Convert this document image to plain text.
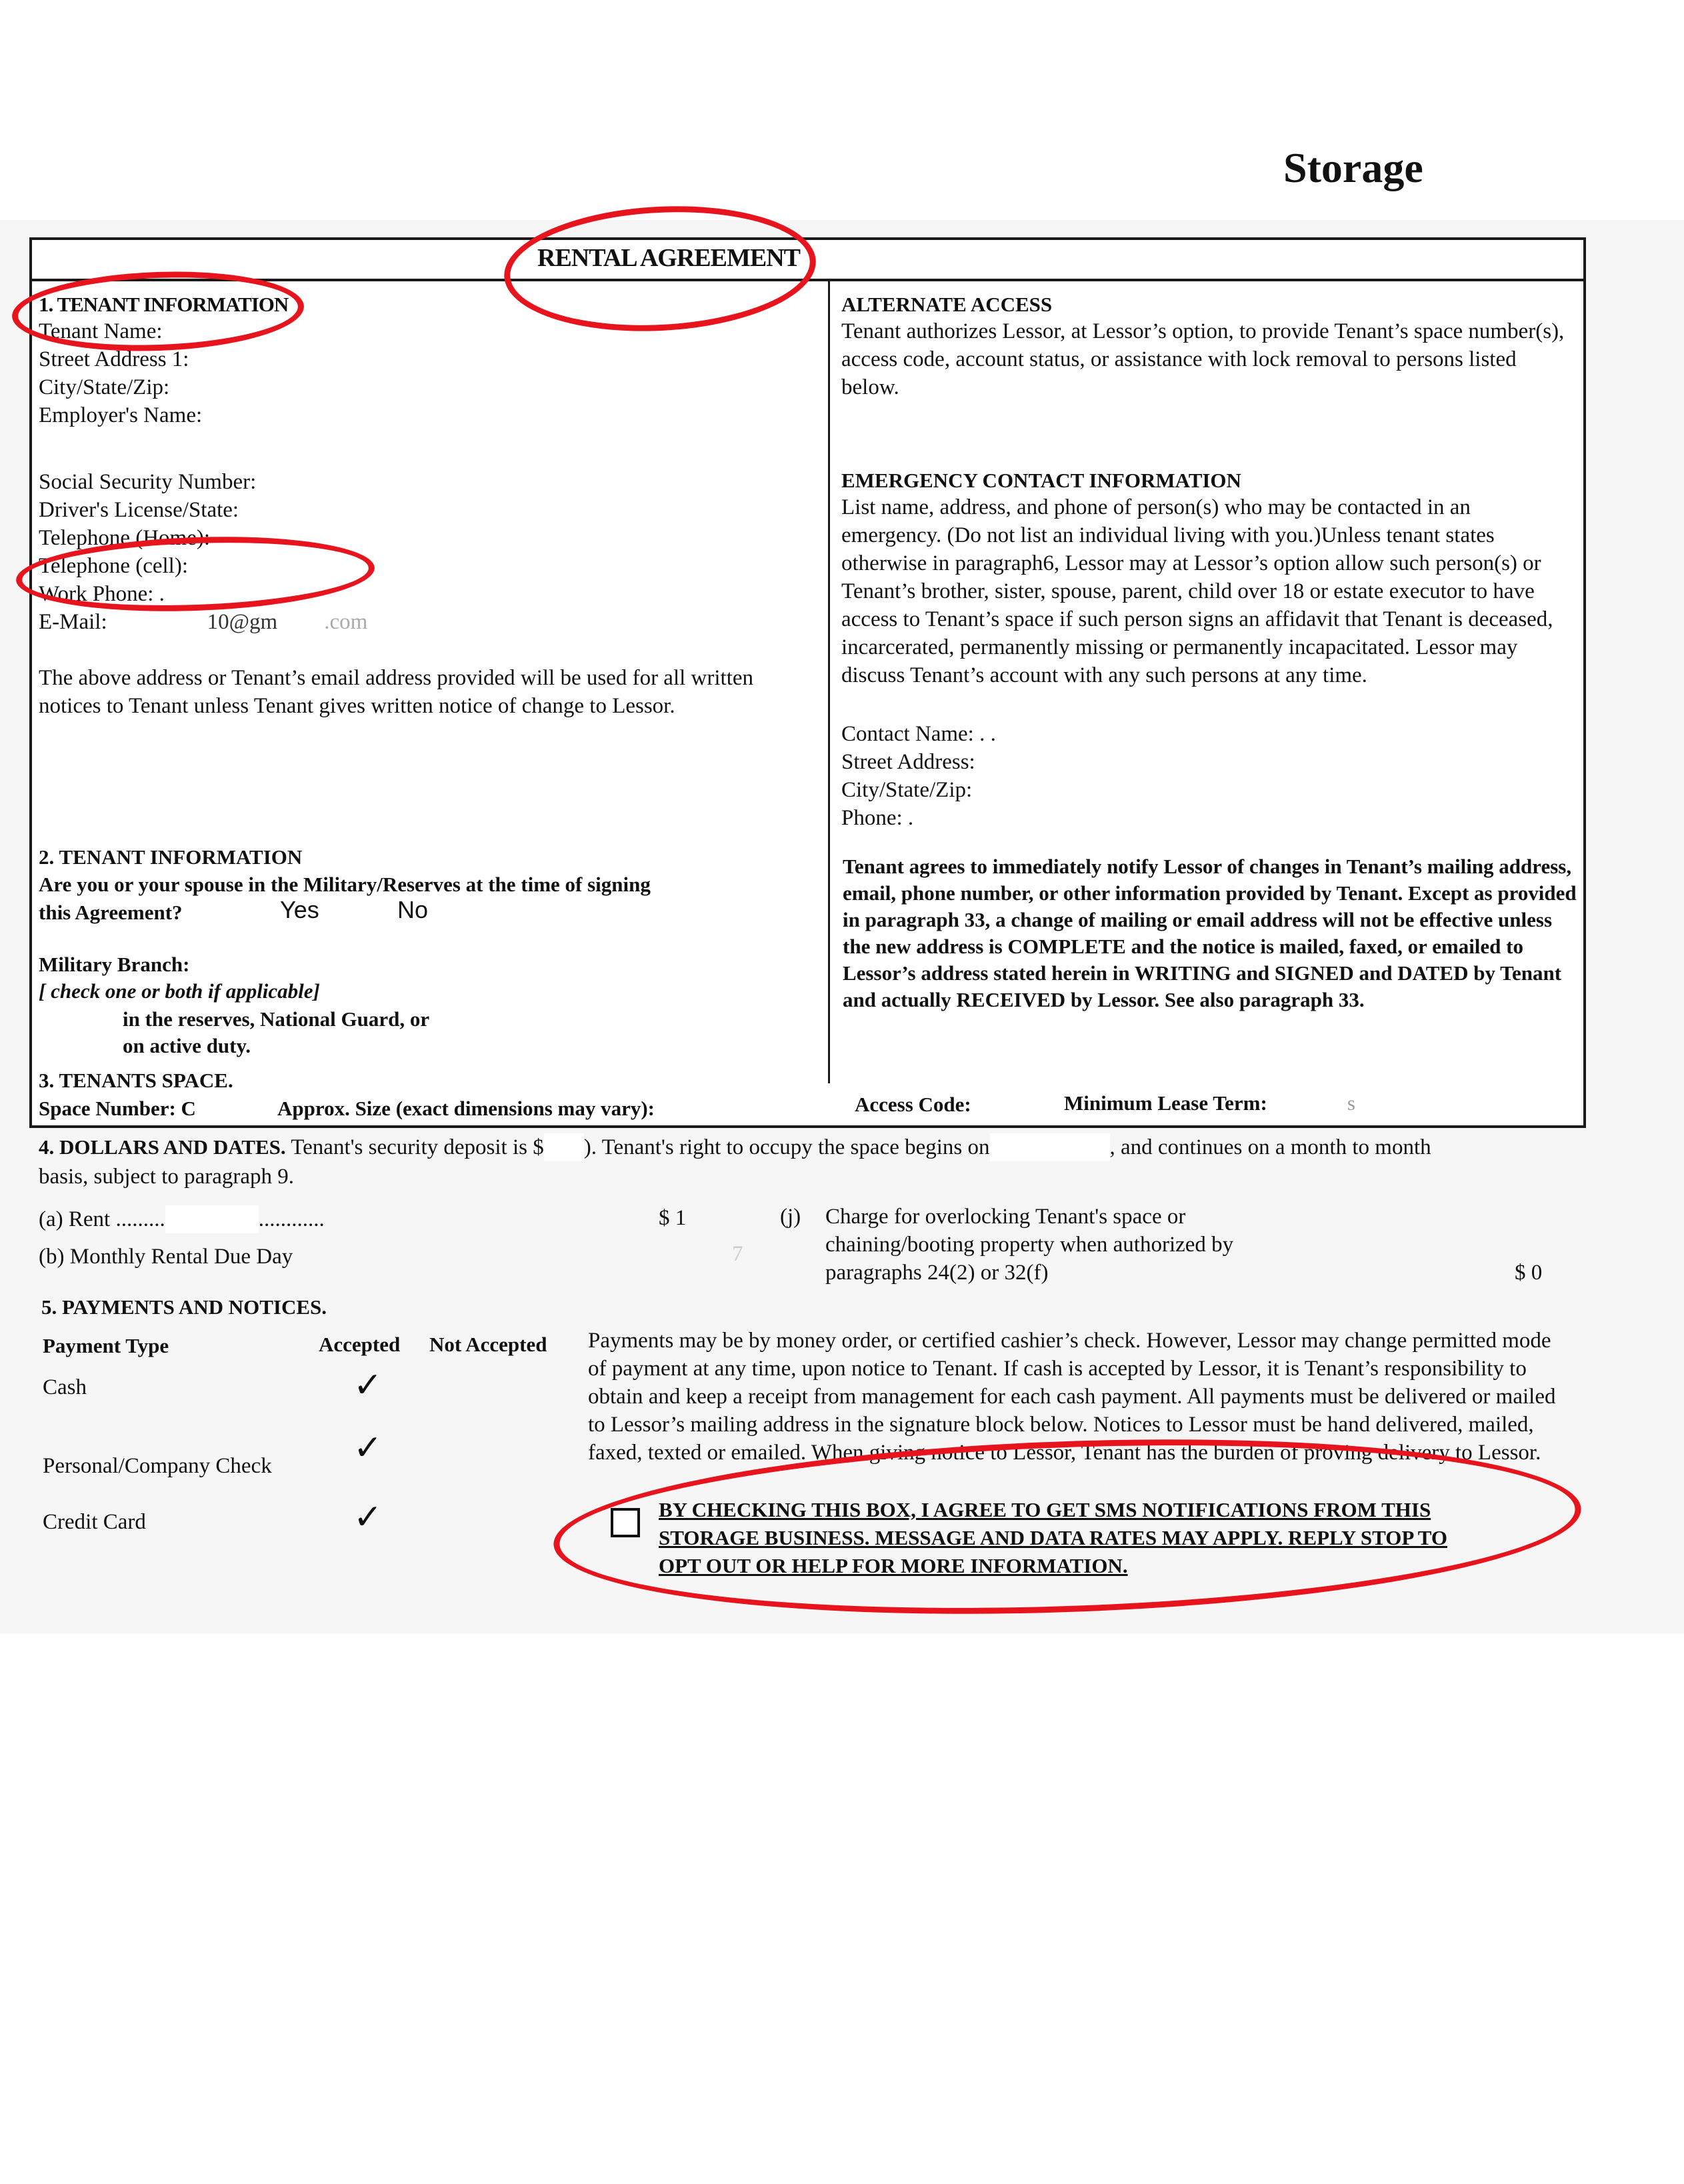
Storage
RENTAL AGREEMENT
1. TENANT INFORMATION
Tenant Name:
Street Address 1:
City/State/Zip:
Employer's Name:
Social Security Number:
Driver's License/State:
Telephone (Home):
Telephone (cell):
Work Phone: .
E-Mail:	10@gm .com
The above address or Tenant’s email address provided will be used for all written notices to Tenant unless Tenant gives written notice of change to Lessor.
ALTERNATE ACCESS
Tenant authorizes Lessor, at Lessor’s option, to provide Tenant’s space number(s), access code, account status, or assistance with lock removal to persons listed below.
EMERGENCY CONTACT INFORMATION
List name, address, and phone of person(s) who may be contacted in an emergency. (Do not list an individual living with you.)Unless tenant states otherwise in paragraph6, Lessor may at Lessor’s option allow such person(s) or Tenant’s brother, sister, spouse, parent, child over 18 or estate executor to have access to Tenant’s space if such person signs an affidavit that Tenant is deceased, incarcerated, permanently missing or permanently incapacitated. Lessor may discuss Tenant’s account with any such persons at any time.
Contact Name: . .
Street Address:
City/State/Zip:
Phone: .
2. TENANT INFORMATION
Are you or your spouse in the Military/Reserves at the time of signing
this Agreement?	Yes	No
Military Branch:
[ check one or both if applicable]
in the reserves, National Guard, or
on active duty.
Tenant agrees to immediately notify Lessor of changes in Tenant’s mailing address, email, phone number, or other information provided by Tenant. Except as provided in paragraph 33, a change of mailing or email address will not be effective unless the new address is COMPLETE and the notice is mailed, faxed, or emailed to Lessor’s address stated herein in WRITING and SIGNED and DATED by Tenant and actually RECEIVED by Lessor. See also paragraph 33.
3. TENANTS SPACE.
Space Number: C	Approx. Size (exact dimensions may vary):	Access Code:	Minimum Lease Term:	s
4. DOLLARS AND DATES. Tenant's security deposit is $ ). Tenant's right to occupy the space begins on	, and continues on a month to month
basis, subject to paragraph 9.
(a) Rent .........	............	$ 1
(b) Monthly Rental Due Day	7
(j) Charge for overlocking Tenant's space or
chaining/booting property when authorized by
paragraphs 24(2) or 32(f)	$ 0
5. PAYMENTS AND NOTICES.
Payment Type	Accepted Not Accepted
Cash	✓
Personal/Company Check ✓
Credit Card	✓
Payments may be by money order, or certified cashier’s check. However, Lessor may change permitted mode of payment at any time, upon notice to Tenant. If cash is accepted by Lessor, it is Tenant’s responsibility to obtain and keep a receipt from management for each cash payment. All payments must be delivered or mailed to Lessor’s mailing address in the signature block below. Notices to Lessor must be hand delivered, mailed, faxed, texted or emailed. When giving notice to Lessor, Tenant has the burden of proving delivery to Lessor.
BY CHECKING THIS BOX, I AGREE TO GET SMS NOTIFICATIONS FROM THIS
STORAGE BUSINESS. MESSAGE AND DATA RATES MAY APPLY. REPLY STOP TO
OPT OUT OR HELP FOR MORE INFORMATION.
